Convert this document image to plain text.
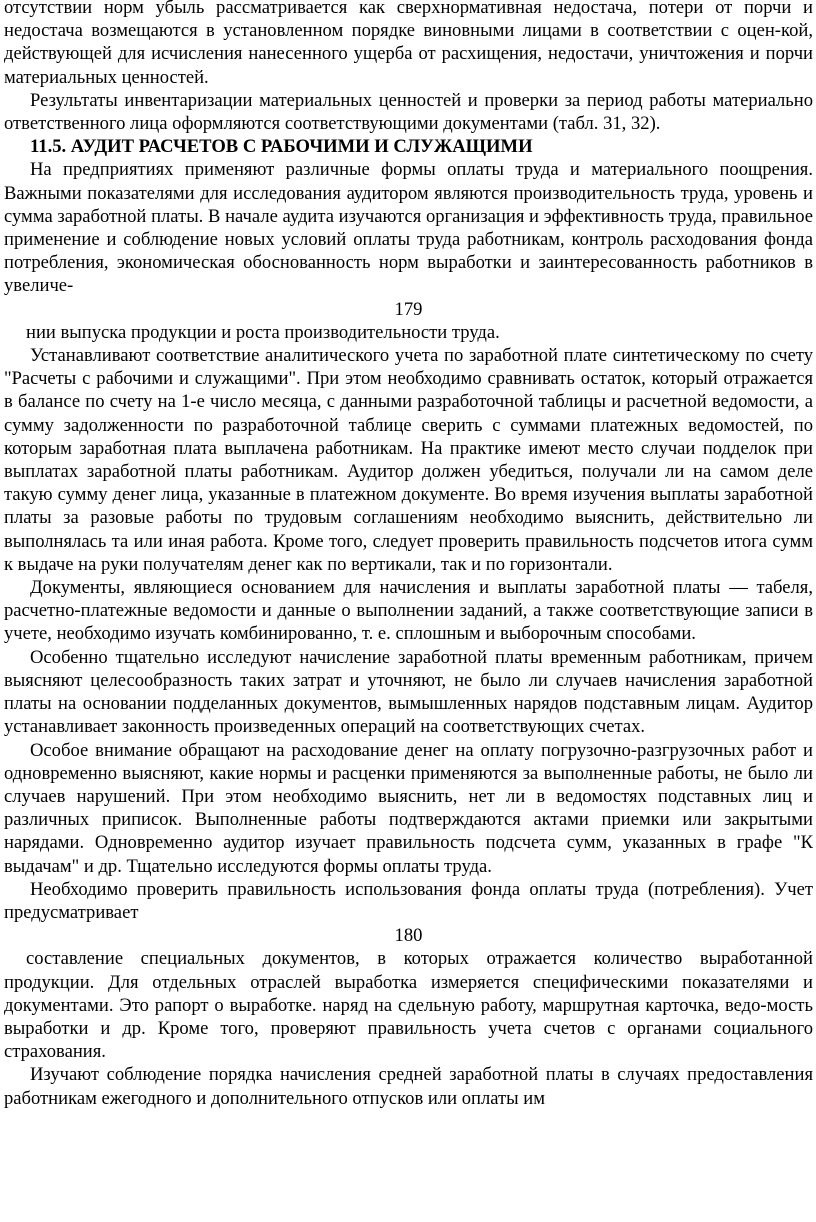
отсутствии норм убыль рассматривается как сверхнормативная недостача, потери от порчи и недостача возмещаются в установленном порядке виновными лицами в соответствии с оцен-кой, действующей для исчисления нанесенного ущерба от расхищения, недостачи, уничтожения и порчи материальных ценностей.

Результаты инвентаризации материальных ценностей и проверки за период работы материально ответственного лица оформляются соответствующими документами (табл. 31, 32).

11.5. АУДИТ РАСЧЕТОВ С РАБОЧИМИ И СЛУЖАЩИМИ

На предприятиях применяют различные формы оплаты труда и материального поощрения. Важными показателями для исследования аудитором являются производительность труда, уровень и сумма заработной платы. В начале аудита изучаются организация и эффективность труда, правильное применение и соблюдение новых условий оплаты труда работникам, контроль расходования фонда потребления, экономическая обоснованность норм выработки и заинтересованность работников в увеличе-

179

нии выпуска продукции и роста производительности труда.

Устанавливают соответствие аналитического учета по заработной плате синтетическому по счету "Расчеты с рабочими и служащими". При этом необходимо сравнивать остаток, который отражается в балансе по счету на 1-е число месяца, с данными разработочной таблицы и расчетной ведомости, а сумму задолженности по разработочной таблице сверить с суммами платежных ведомостей, по которым заработная плата выплачена работникам. На практике имеют место случаи подделок при выплатах заработной платы работникам. Аудитор должен убедиться, получали ли на самом деле такую сумму денег лица, указанные в платежном документе. Во время изучения выплаты заработной платы за разовые работы по трудовым соглашениям необходимо выяснить, действительно ли выполнялась та или иная работа. Кроме того, следует проверить правильность подсчетов итога сумм к выдаче на руки получателям денег как по вертикали, так и по горизонтали.

Документы, являющиеся основанием для начисления и выплаты заработной платы — табеля, расчетно-платежные ведомости и данные о выполнении заданий, а также соответствующие записи в учете, необходимо изучать комбинированно, т. е. сплошным и выборочным способами.

Особенно тщательно исследуют начисление заработной платы временным работникам, причем выясняют целесообразность таких затрат и уточняют, не было ли случаев начисления заработной платы на основании подделанных документов, вымышленных нарядов подставным лицам. Аудитор устанавливает законность произведенных операций на соответствующих счетах.

Особое внимание обращают на расходование денег на оплату погрузочно-разгрузочных работ и одновременно выясняют, какие нормы и расценки применяются за выполненные работы, не было ли случаев нарушений. При этом необходимо выяснить, нет ли в ведомостях подставных лиц и различных приписок. Выполненные работы подтверждаются актами приемки или закрытыми нарядами. Одновременно аудитор изучает правильность подсчета сумм, указанных в графе "К выдачам" и др. Тщательно исследуются формы оплаты труда.

Необходимо проверить правильность использования фонда оплаты труда (потребления). Учет предусматривает

180

составление специальных документов, в которых отражается количество выработанной продукции. Для отдельных отраслей выработка измеряется специфическими показателями и документами. Это рапорт о выработке. наряд на сдельную работу, маршрутная карточка, ведо-мость выработки и др. Кроме того, проверяют правильность учета счетов с органами социального страхования.

Изучают соблюдение порядка начисления средней заработной платы в случаях предоставления работникам ежегодного и дополнительного отпусков или оплаты им
